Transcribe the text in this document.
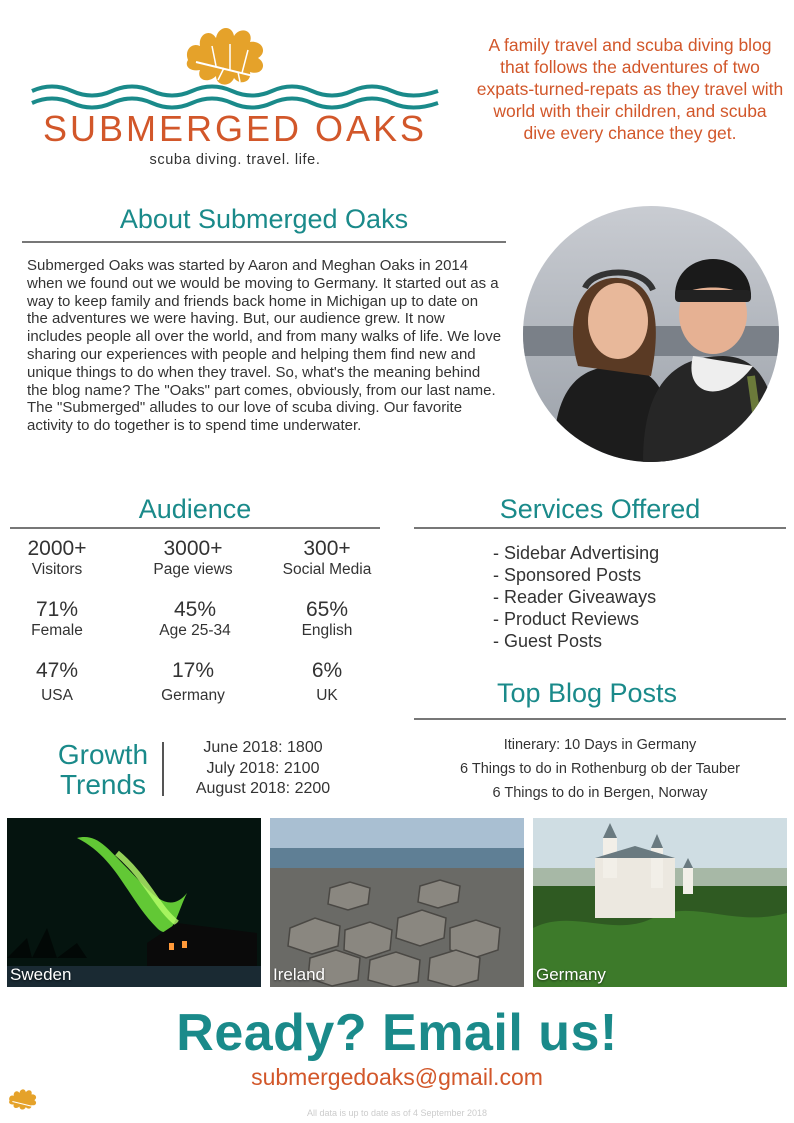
SUBMERGED OAKS
scuba diving. travel. life.
A family travel and scuba diving blog that follows the adventures of two expats-turned-repats as they travel with world with their children, and scuba dive every chance they get.
About Submerged Oaks
Submerged Oaks was started by Aaron and Meghan Oaks in 2014 when we found out we would be moving to Germany. It started out as a way to keep family and friends back home in Michigan up to date on the adventures we were having. But, our audience grew. It now includes people all over the world, and from many walks of life. We love sharing our experiences with people and helping them find new and unique things to do when they travel. So, what's the meaning behind the blog name? The "Oaks" part comes, obviously, from our last name. The "Submerged" alludes to our love of scuba diving. Our favorite activity to do together is to spend time underwater.
Audience
2000+
Visitors
3000+
Page views
300+
Social Media
71%
Female
45%
Age 25-34
65%
English
47%
USA
17%
Germany
6%
UK
Growth
Trends
June 2018: 1800
July 2018: 2100
August 2018: 2200
Services Offered
- Sidebar Advertising
- Sponsored Posts
- Reader Giveaways
- Product Reviews
- Guest Posts
Top Blog Posts
Itinerary: 10 Days in Germany
6 Things to do in Rothenburg ob der Tauber
6 Things to do in Bergen, Norway
Sweden	Ireland	Germany
Ready? Email us!
submergedoaks@gmail.com
All data is up to date as of 4 September 2018
